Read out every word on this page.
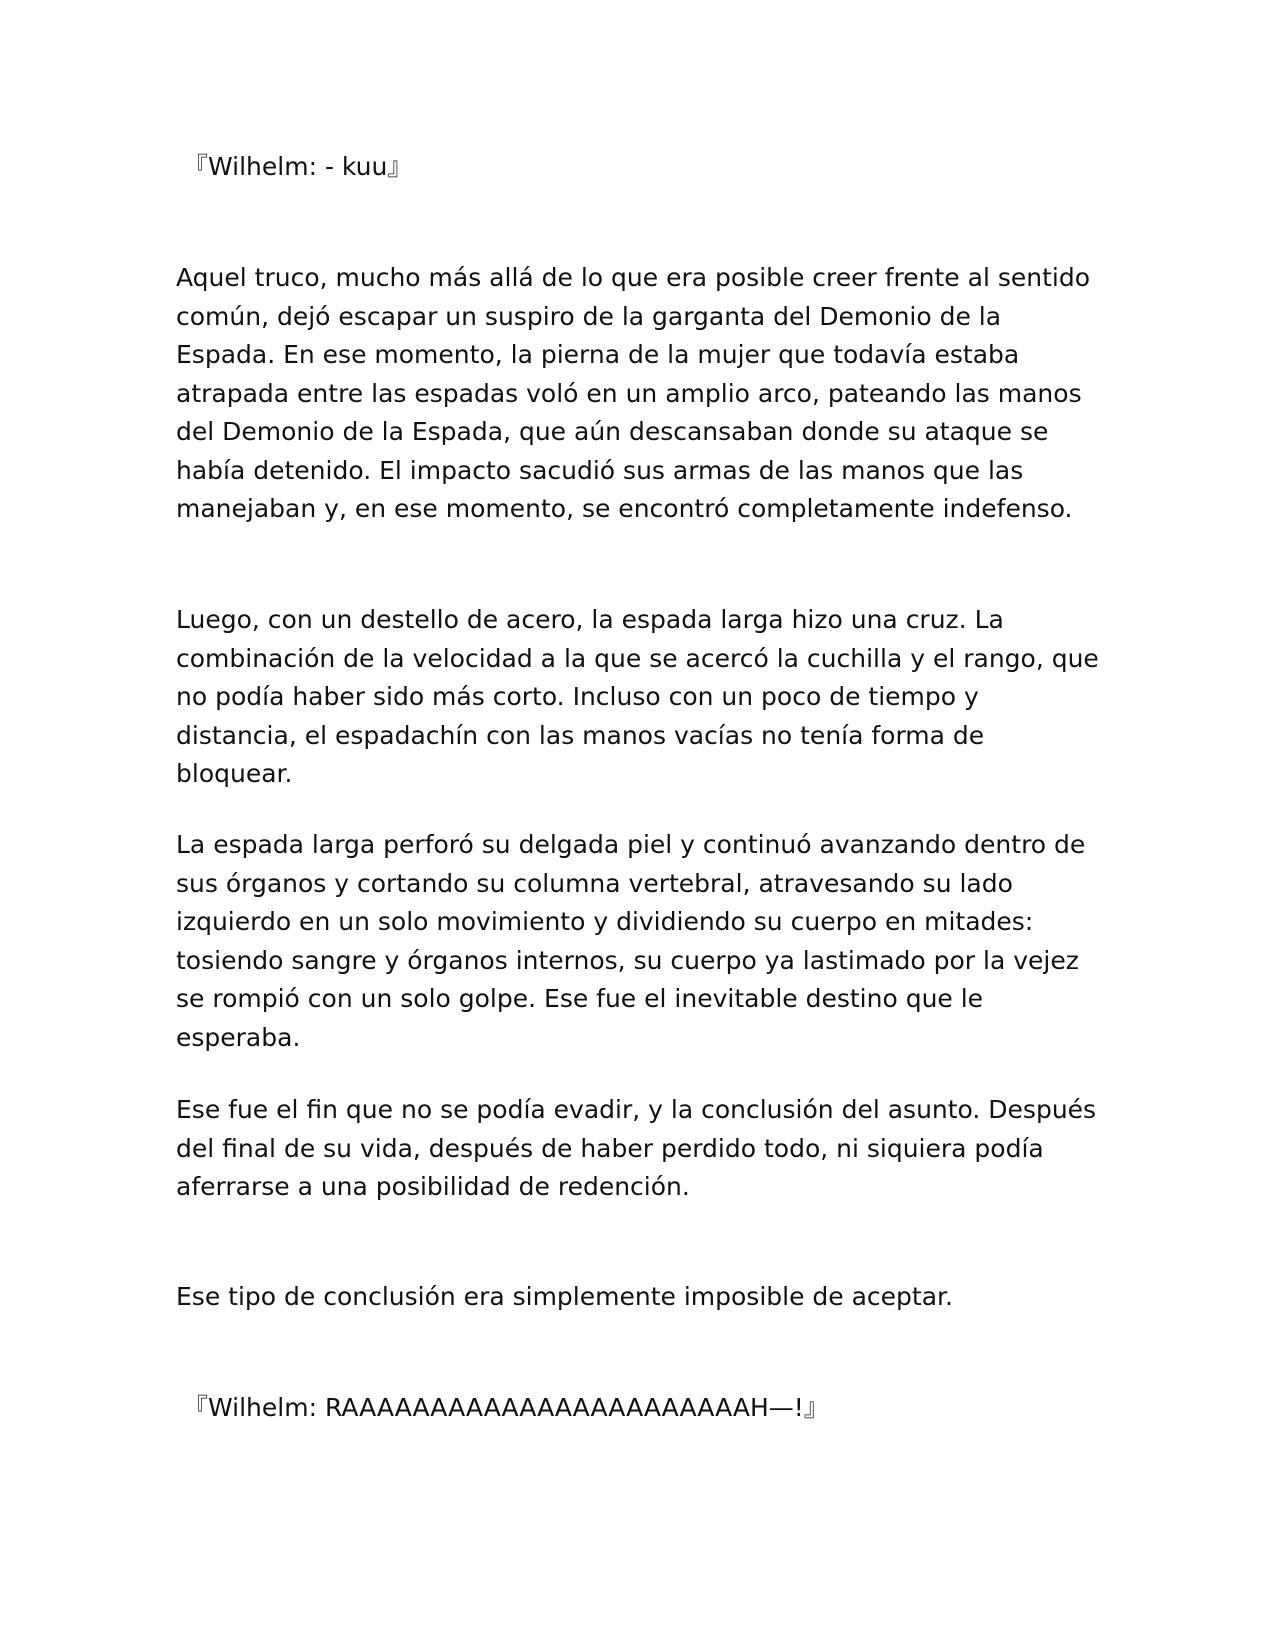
『Wilhelm: - kuu』

Aquel truco, mucho más allá de lo que era posible creer frente al sentido común, dejó escapar un suspiro de la garganta del Demonio de la Espada. En ese momento, la pierna de la mujer que todavía estaba atrapada entre las espadas voló en un amplio arco, pateando las manos del Demonio de la Espada, que aún descansaban donde su ataque se había detenido. El impacto sacudió sus armas de las manos que las manejaban y, en ese momento, se encontró completamente indefenso.

Luego, con un destello de acero, la espada larga hizo una cruz. La combinación de la velocidad a la que se acercó la cuchilla y el rango, que no podía haber sido más corto. Incluso con un poco de tiempo y distancia, el espadachín con las manos vacías no tenía forma de bloquear.

La espada larga perforó su delgada piel y continuó avanzando dentro de sus órganos y cortando su columna vertebral, atravesando su lado izquierdo en un solo movimiento y dividiendo su cuerpo en mitades: tosiendo sangre y órganos internos, su cuerpo ya lastimado por la vejez se rompió con un solo golpe. Ese fue el inevitable destino que le esperaba.

Ese fue el fin que no se podía evadir, y la conclusión del asunto. Después del final de su vida, después de haber perdido todo, ni siquiera podía aferrarse a una posibilidad de redención.

Ese tipo de conclusión era simplemente imposible de aceptar.

『Wilhelm: RAAAAAAAAAAAAAAAAAAAAAAAH—!』
